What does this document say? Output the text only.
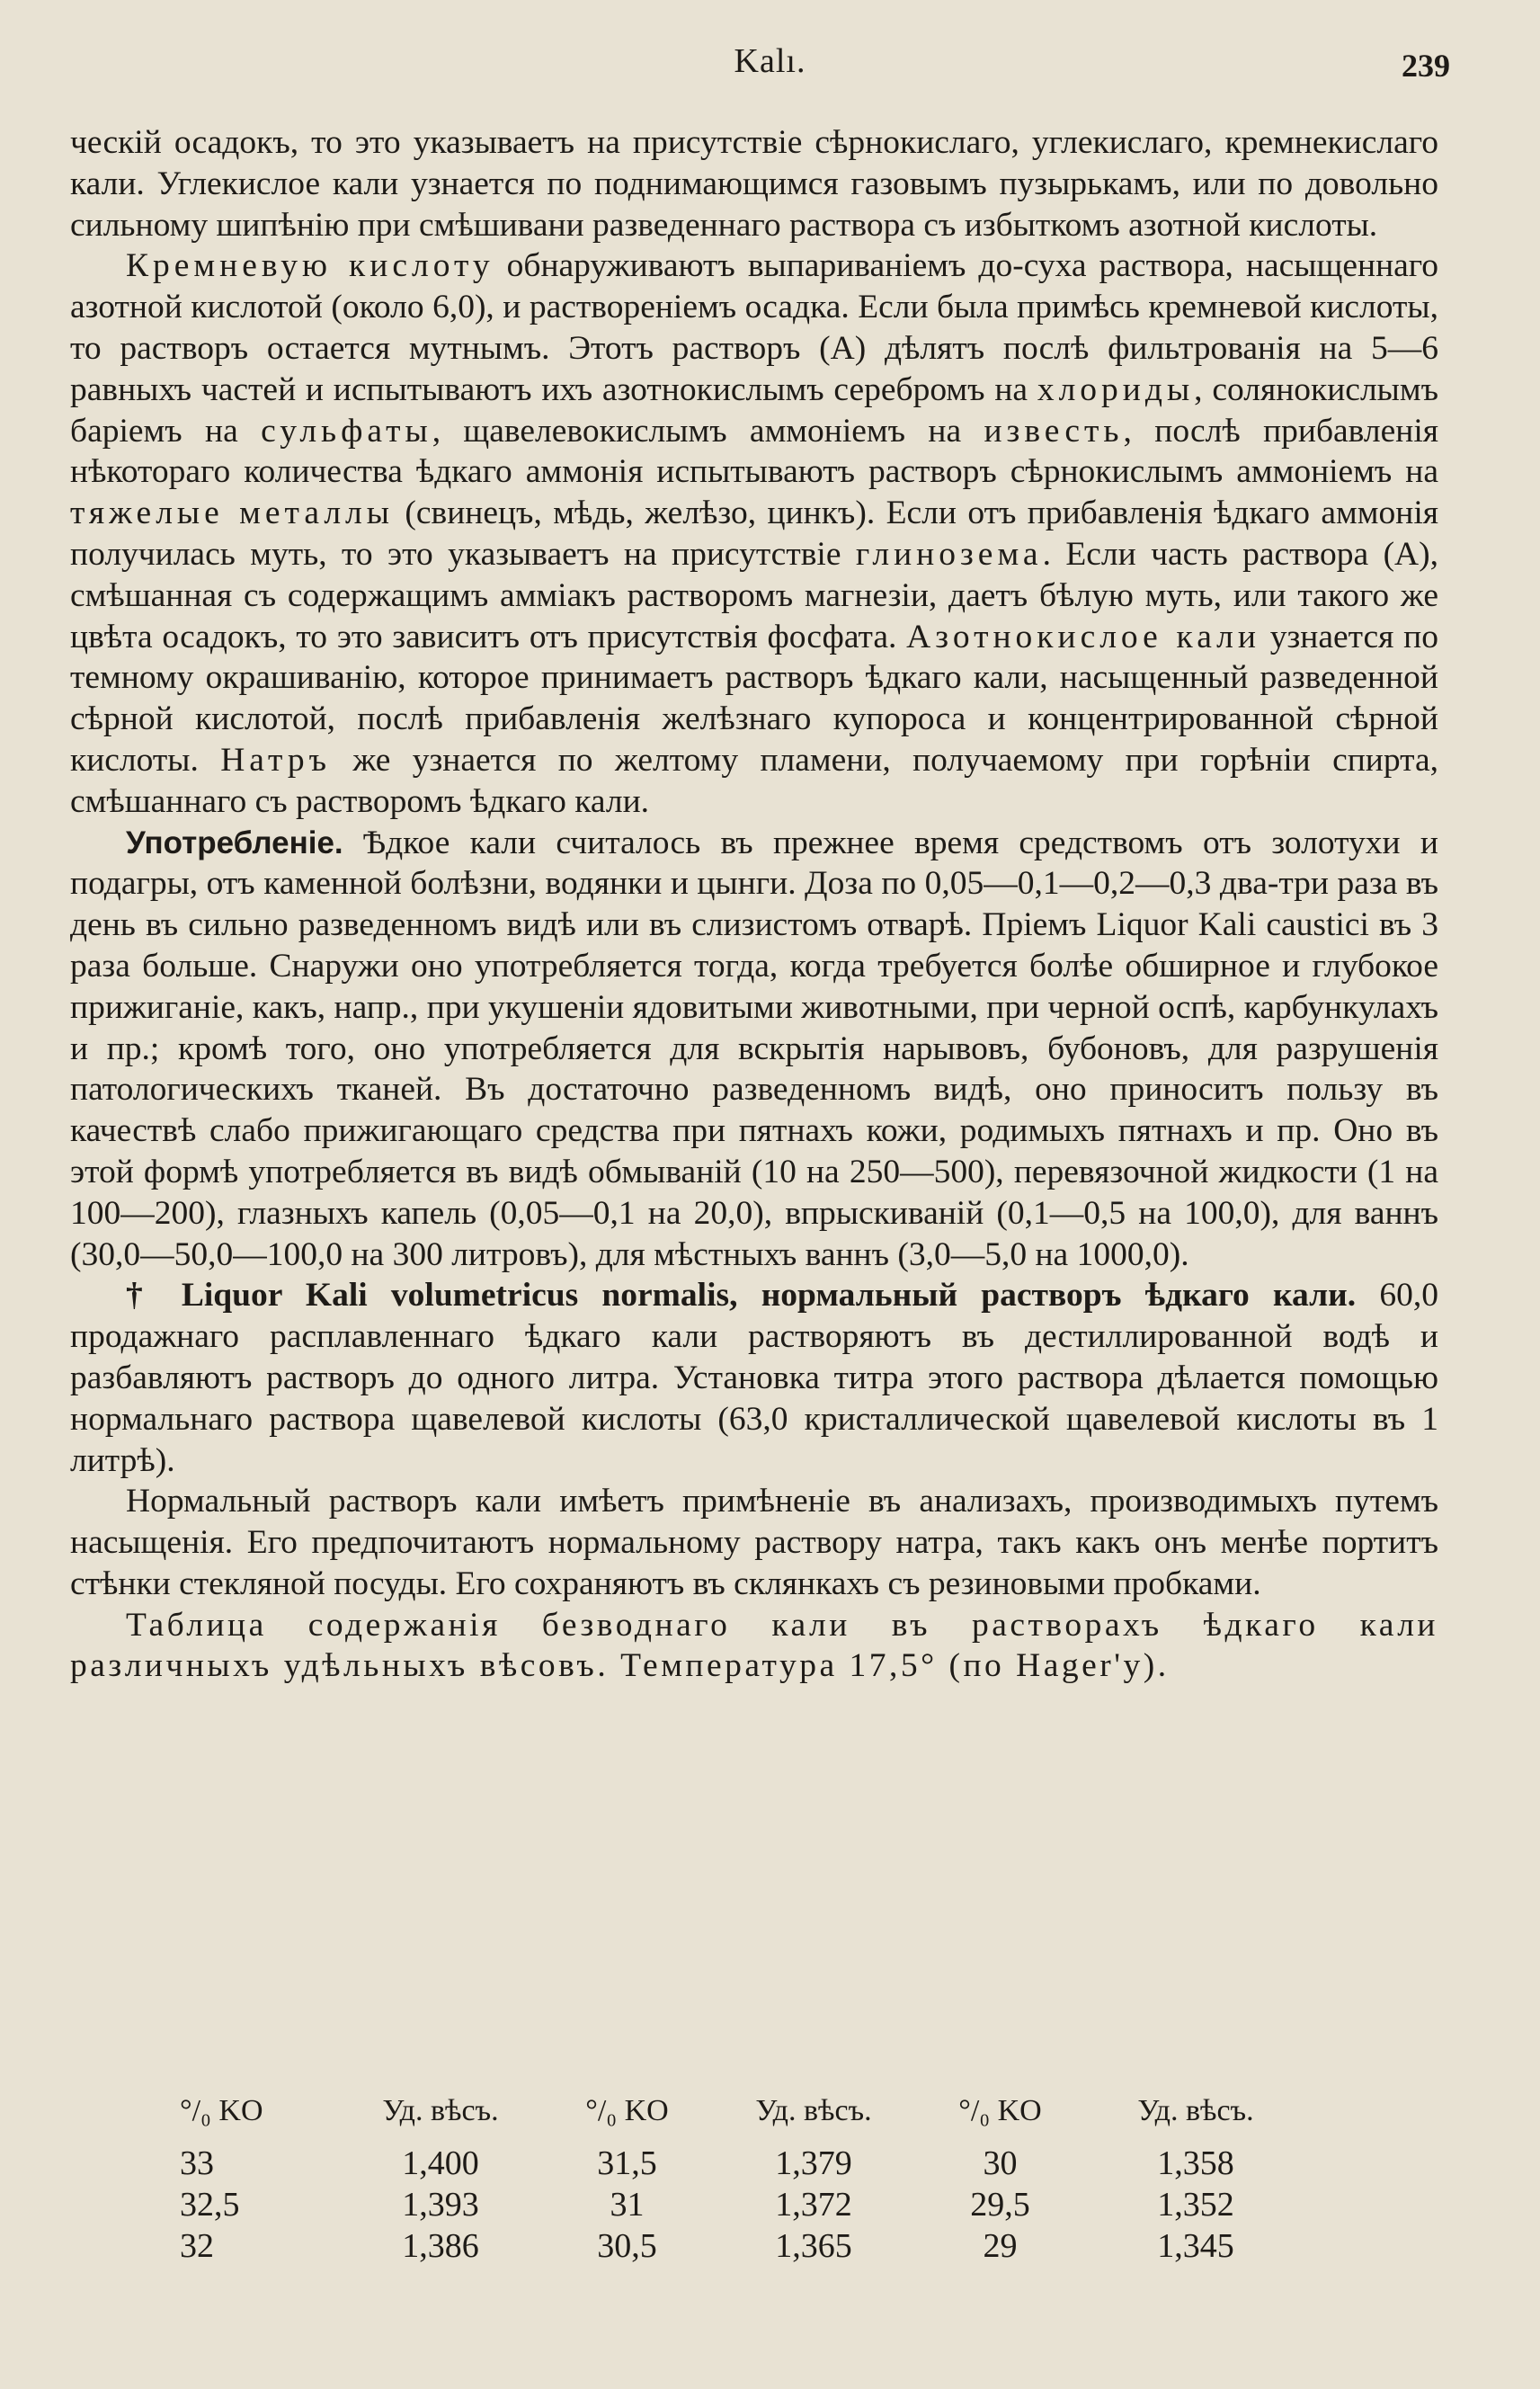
Kalı.	239

ческій осадокъ, то это указываетъ на присутствіе сѣрнокислаго, углекислаго, кремнекислаго кали. Углекислое кали узнается по поднимающимся газовымъ пузырькамъ, или по довольно сильному шипѣнію при смѣшивани разведеннаго раствора съ избыткомъ азотной кислоты.

Кремневую кислоту обнаруживаютъ выпариваніемъ до-суха раствора, насыщеннаго азотной кислотой (около 6,0), и раствореніемъ осадка. Если была примѣсь кремневой кислоты, то растворъ остается мутнымъ. Этотъ растворъ (A) дѣлятъ послѣ фильтрованія на 5—6 равныхъ частей и испытываютъ ихъ азотнокислымъ серебромъ на хлориды, солянокислымъ баріемъ на сульфаты, щавелевокислымъ аммоніемъ на известь, послѣ прибавленія нѣкотораго количества ѣдкаго аммонія испытываютъ растворъ сѣрнокислымъ аммоніемъ на тяжелые металлы (свинецъ, мѣдь, желѣзо, цинкъ). Если отъ прибавленія ѣдкаго аммонія получилась муть, то это указываетъ на присутствіе глинозема. Если часть раствора (A), смѣшанная съ содержащимъ амміакъ растворомъ магнезіи, даетъ бѣлую муть, или такого же цвѣта осадокъ, то это зависитъ отъ присутствія фосфата. Азотнокислое кали узнается по темному окрашиванію, которое принимаетъ растворъ ѣдкаго кали, насыщенный разведенной сѣрной кислотой, послѣ прибавленія желѣзнаго купороса и концентрированной сѣрной кислоты. Натръ же узнается по желтому пламени, получаемому при горѣніи спирта, смѣшаннаго съ растворомъ ѣдкаго кали.

Употребленіе. Ѣдкое кали считалось въ прежнее время средствомъ отъ золотухи и подагры, отъ каменной болѣзни, водянки и цынги. Доза по 0,05—0,1—0,2—0,3 два-три раза въ день въ сильно разведенномъ видѣ или въ слизистомъ отварѣ. Пріемъ Liquor Kali caustici въ 3 раза больше. Снаружи оно употребляется тогда, когда требуется болѣе обширное и глубокое прижиганіе, какъ, напр., при укушеніи ядовитыми животными, при черной оспѣ, карбункулахъ и пр.; кромѣ того, оно употребляется для вскрытія нарывовъ, бубоновъ, для разрушенія патологическихъ тканей. Въ достаточно разведенномъ видѣ, оно приноситъ пользу въ качествѣ слабо прижигающаго средства при пятнахъ кожи, родимыхъ пятнахъ и пр. Оно въ этой формѣ употребляется въ видѣ обмываній (10 на 250—500), перевязочной жидкости (1 на 100—200), глазныхъ капель (0,05—0,1 на 20,0), впрыскиваній (0,1—0,5 на 100,0), для ваннъ (30,0—50,0—100,0 на 300 литровъ), для мѣстныхъ ваннъ (3,0—5,0 на 1000,0).

† Liquor Kali volumetricus normalis, нормальный растворъ ѣдкаго кали. 60,0 продажнаго расплавленнаго ѣдкаго кали растворяютъ въ дестиллированной водѣ и разбавляютъ растворъ до одного литра. Установка титра этого раствора дѣлается помощью нормальнаго раствора щавелевой кислоты (63,0 кристаллической щавелевой кислоты въ 1 литрѣ).

Нормальный растворъ кали имѣетъ примѣненіе въ анализахъ, производимыхъ путемъ насыщенія. Его предпочитаютъ нормальному раствору натра, такъ какъ онъ менѣе портитъ стѣнки стекляной посуды. Его сохраняютъ въ склянкахъ съ резиновыми пробками.

Таблица содержанія безводнаго кали въ растворахъ ѣдкаго кали различныхъ удѣльныхъ вѣсовъ. Температура 17,5° (по Hager'у).

°/₀ KO	Уд. вѣсъ.	°/₀ KO	Уд. вѣсъ.	°/₀ KO	Уд. вѣсъ.
33	1,400	31,5	1,379	30	1,358
32,5	1,393	31	1,372	29,5	1,352
32	1,386	30,5	1,365	29	1,345
